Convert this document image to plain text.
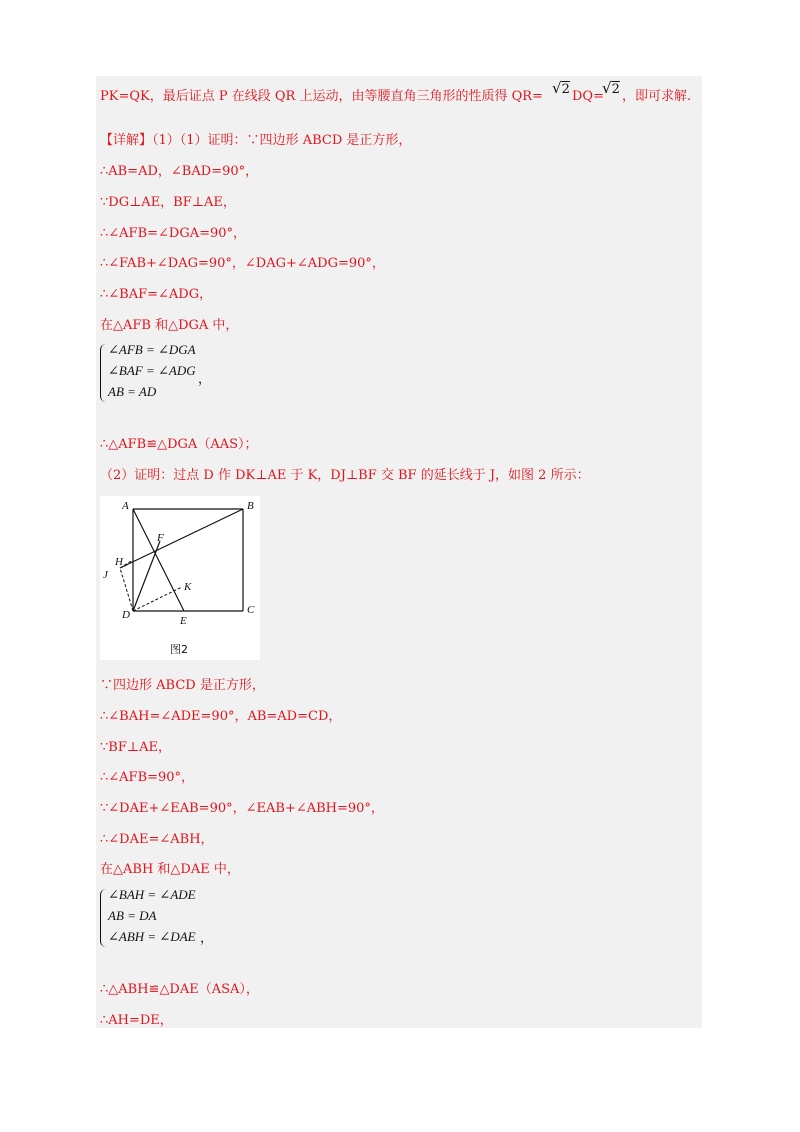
PK=QK，最后证点 P 在线段 QR 上运动，由等腰直角三角形的性质得 QR= √2 DQ=
√2 ，即可求解.
【详解】（1）（1）证明：∵四边形 ABCD 是正方形，
∴AB=AD，∠BAD=90°，
∵DG⊥AE，BF⊥AE，
∴∠AFB=∠DGA=90°，
∴∠FAB+∠DAG=90°，∠DAG+∠ADG=90°，
∴∠BAF=∠ADG，
在△AFB 和△DGA 中，
∠AFB = ∠DGA
∠BAF = ∠ADG
AB = AD
，
∴△AFB≌△DGA（AAS）；
（2）证明：过点 D 作 DK⊥AE 于 K，DJ⊥BF 交 BF 的延长线于 J，如图 2 所示：
A	B
C
D	E
F
H
J
K
图2
∵四边形 ABCD 是正方形，
∴∠BAH=∠ADE=90°，AB=AD=CD，
∵BF⊥AE，
∴∠AFB=90°，
∵∠DAE+∠EAB=90°，∠EAB+∠ABH=90°，
∴∠DAE=∠ABH，
在△ABH 和△DAE 中，
∠BAH = ∠ADE
AB = DA
∠ABH = ∠DAE ，
∴△ABH≌△DAE（ASA），
∴AH=DE，
